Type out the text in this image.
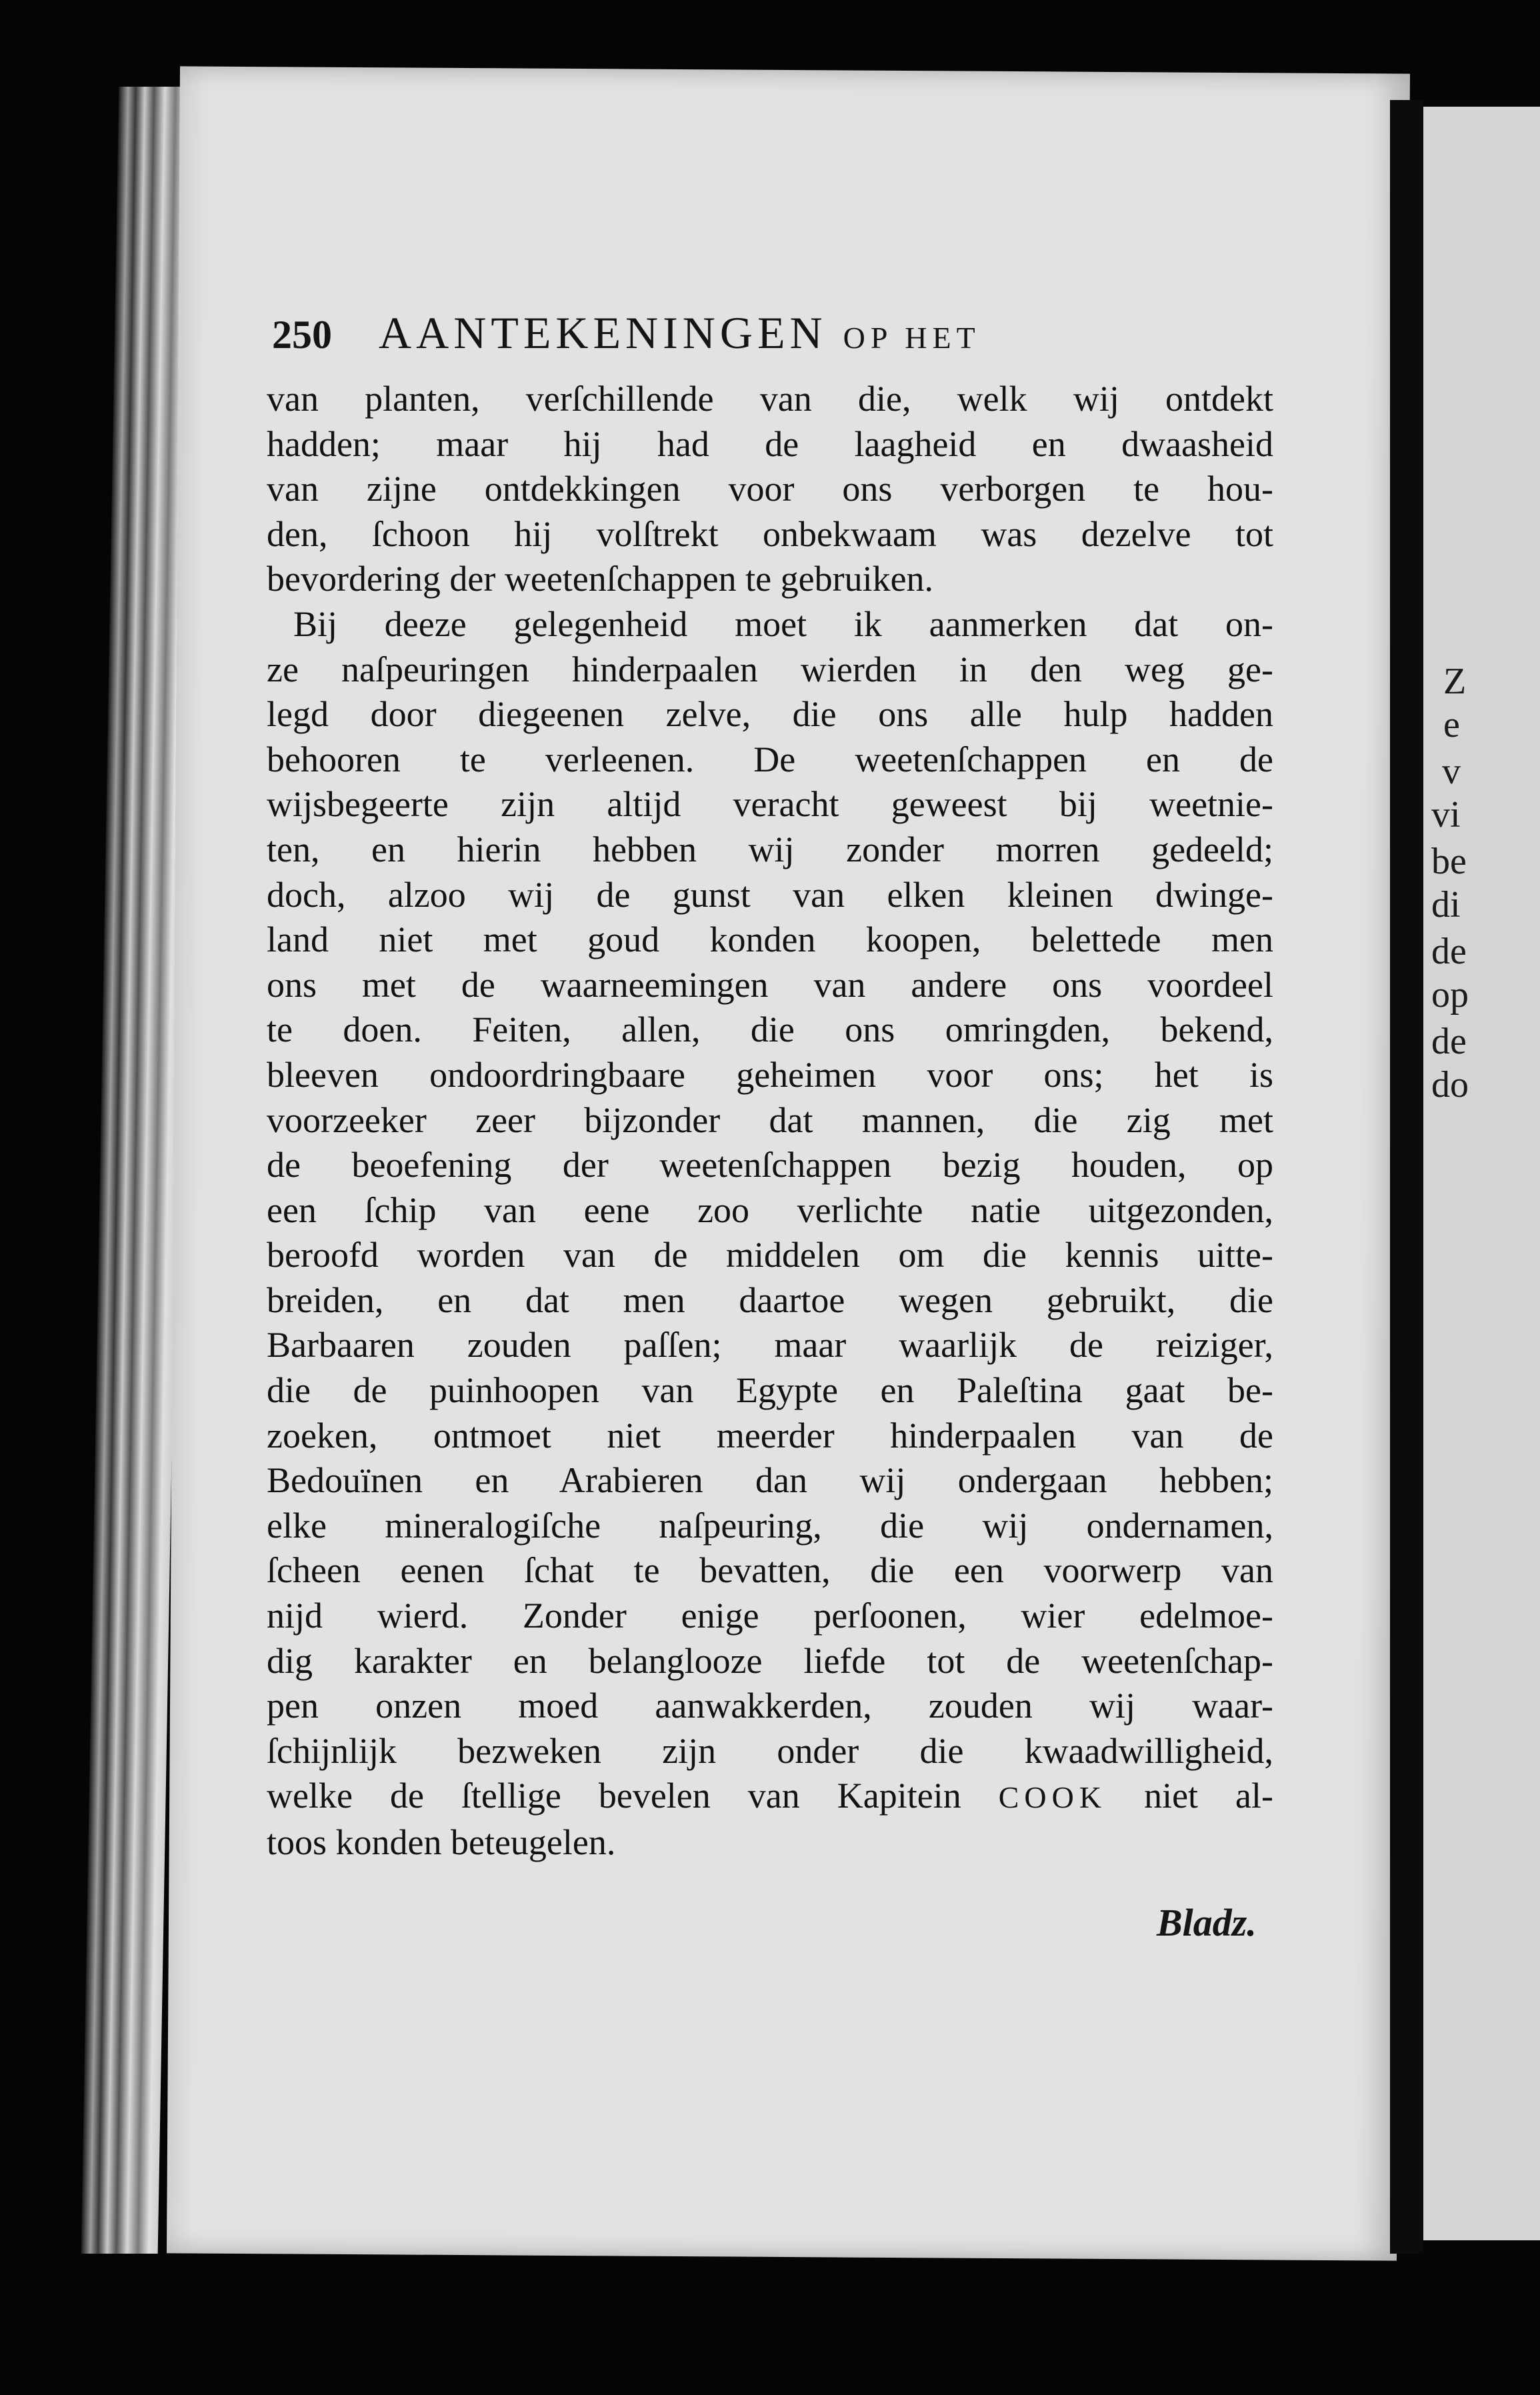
Z
e
v
vi
be
di
de
op
de
do
250 AANTEKENINGEN OP HET
van planten, verſchillende van die, welk wij ontdekt
hadden; maar hij had de laagheid en dwaasheid
van zijne ontdekkingen voor ons verborgen te hou-
den, ſchoon hij volſtrekt onbekwaam was dezelve tot
bevordering der weetenſchappen te gebruiken.
Bij deeze gelegenheid moet ik aanmerken dat on-
ze naſpeuringen hinderpaalen wierden in den weg ge-
legd door diegeenen zelve, die ons alle hulp hadden
behooren te verleenen. De weetenſchappen en de
wijsbegeerte zijn altijd veracht geweest bij weetnie-
ten, en hierin hebben wij zonder morren gedeeld;
doch, alzoo wij de gunst van elken kleinen dwinge-
land niet met goud konden koopen, belettede men
ons met de waarneemingen van andere ons voordeel
te doen. Feiten, allen, die ons omringden, bekend,
bleeven ondoordringbaare geheimen voor ons; het is
voorzeeker zeer bijzonder dat mannen, die zig met
de beoefening der weetenſchappen bezig houden, op
een ſchip van eene zoo verlichte natie uitgezonden,
beroofd worden van de middelen om die kennis uitte-
breiden, en dat men daartoe wegen gebruikt, die
Barbaaren zouden paſſen; maar waarlijk de reiziger,
die de puinhoopen van Egypte en Paleſtina gaat be-
zoeken, ontmoet niet meerder hinderpaalen van de
Bedouïnen en Arabieren dan wij ondergaan hebben;
elke mineralogiſche naſpeuring, die wij ondernamen,
ſcheen eenen ſchat te bevatten, die een voorwerp van
nijd wierd. Zonder enige perſoonen, wier edelmoe-
dig karakter en belanglooze liefde tot de weetenſchap-
pen onzen moed aanwakkerden, zouden wij waar-
ſchijnlijk bezweken zijn onder die kwaadwilligheid,
welke de ſtellige bevelen van Kapitein COOK niet al-
toos konden beteugelen.
Bladz.
